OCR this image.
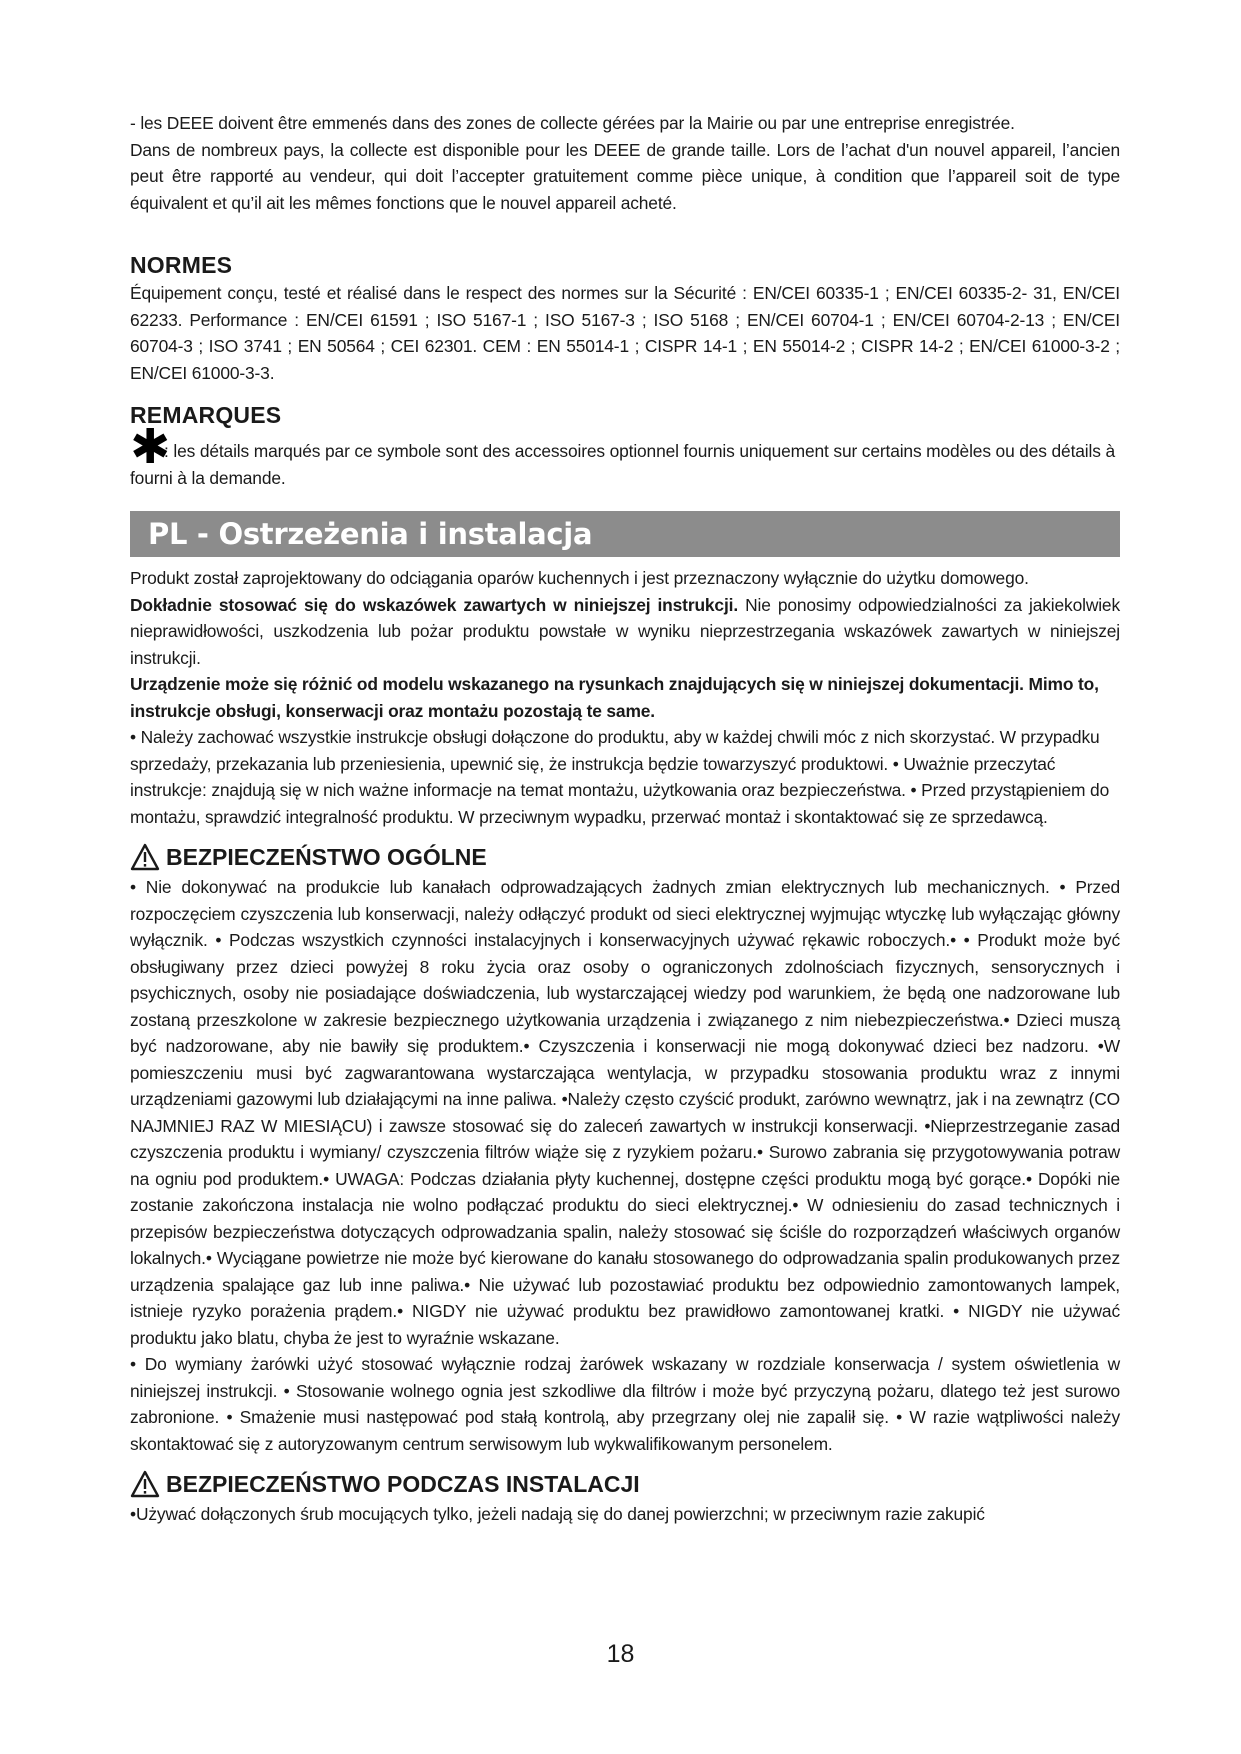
- les DEEE doivent être emmenés dans des zones de collecte gérées par la Mairie ou par une entreprise enregistrée.

Dans de nombreux pays, la collecte est disponible pour les DEEE de grande taille. Lors de l’achat d'un nouvel appareil, l’ancien peut être rapporté au vendeur, qui doit l’accepter gratuitement comme pièce unique, à condition que l’appareil soit de type équivalent et qu’il ait les mêmes fonctions que le nouvel appareil acheté.

NORMES

Équipement conçu, testé et réalisé dans le respect des normes sur la Sécurité : EN/CEI 60335-1 ; EN/CEI 60335-2- 31, EN/CEI 62233. Performance : EN/CEI 61591 ; ISO 5167-1 ; ISO 5167-3 ; ISO 5168 ; EN/CEI 60704-1 ; EN/CEI 60704-2-13 ; EN/CEI 60704-3 ; ISO 3741 ; EN 50564 ; CEI 62301. CEM : EN 55014-1 ; CISPR 14-1 ; EN 55014-2 ; CISPR 14-2 ; EN/CEI 61000-3-2 ; EN/CEI 61000-3-3.

REMARQUES
✱

: les détails marqués par ce symbole sont des accessoires optionnel fournis uniquement sur certains modèles ou des détails à fourni à la demande.

PL - Ostrzeżenia i instalacja

Produkt został zaprojektowany do odciągania oparów kuchennych i jest przeznaczony wyłącznie do użytku domowego.

Dokładnie stosować się do wskazówek zawartych w niniejszej instrukcji. Nie ponosimy odpowiedzialności za jakiekolwiek nieprawidłowości, uszkodzenia lub pożar produktu powstałe w wyniku nieprzestrzegania wskazówek zawartych w niniejszej instrukcji.

Urządzenie może się różnić od modelu wskazanego na rysunkach znajdujących się w niniejszej dokumentacji. Mimo to, instrukcje obsługi, konserwacji oraz montażu pozostają te same.

• Należy zachować wszystkie instrukcje obsługi dołączone do produktu, aby w każdej chwili móc z nich skorzystać. W przypadku sprzedaży, przekazania lub przeniesienia, upewnić się, że instrukcja będzie towarzyszyć produktowi. • Uważnie przeczytać instrukcje: znajdują się w nich ważne informacje na temat montażu, użytkowania oraz bezpieczeństwa. • Przed przystąpieniem do montażu, sprawdzić integralność produktu. W przeciwnym wypadku, przerwać montaż i skontaktować się ze sprzedawcą.

BEZPIECZEŃSTWO OGÓLNE

• Nie dokonywać na produkcie lub kanałach odprowadzających żadnych zmian elektrycznych lub mechanicznych. • Przed rozpoczęciem czyszczenia lub konserwacji, należy odłączyć produkt od sieci elektrycznej wyjmując wtyczkę lub wyłączając główny wyłącznik. • Podczas wszystkich czynności instalacyjnych i konserwacyjnych używać rękawic roboczych.• • Produkt może być obsługiwany przez dzieci powyżej 8 roku życia oraz osoby o ograniczonych zdolnościach fizycznych, sensorycznych i psychicznych, osoby nie posiadające doświadczenia, lub wystarczającej wiedzy pod warunkiem, że będą one nadzorowane lub zostaną przeszkolone w zakresie bezpiecznego użytkowania urządzenia i związanego z nim niebezpieczeństwa.• Dzieci muszą być nadzorowane, aby nie bawiły się produktem.• Czyszczenia i konserwacji nie mogą dokonywać dzieci bez nadzoru. •W pomieszczeniu musi być zagwarantowana wystarczająca wentylacja, w przypadku stosowania produktu wraz z innymi urządzeniami gazowymi lub działającymi na inne paliwa. •Należy często czyścić produkt, zarówno wewnątrz, jak i na zewnątrz (CO NAJMNIEJ RAZ W MIESIĄCU) i zawsze stosować się do zaleceń zawartych w instrukcji konserwacji. •Nieprzestrzeganie zasad czyszczenia produktu i wymiany/ czyszczenia filtrów wiąże się z ryzykiem pożaru.• Surowo zabrania się przygotowywania potraw na ogniu pod produktem.• UWAGA: Podczas działania płyty kuchennej, dostępne części produktu mogą być gorące.• Dopóki nie zostanie zakończona instalacja nie wolno podłączać produktu do sieci elektrycznej.• W odniesieniu do zasad technicznych i przepisów bezpieczeństwa dotyczących odprowadzania spalin, należy stosować się ściśle do rozporządzeń właściwych organów lokalnych.• Wyciągane powietrze nie może być kierowane do kanału stosowanego do odprowadzania spalin produkowanych przez urządzenia spalające gaz lub inne paliwa.• Nie używać lub pozostawiać produktu bez odpowiednio zamontowanych lampek, istnieje ryzyko porażenia prądem.• NIGDY nie używać produktu bez prawidłowo zamontowanej kratki. • NIGDY nie używać produktu jako blatu, chyba że jest to wyraźnie wskazane.

• Do wymiany żarówki użyć stosować wyłącznie rodzaj żarówek wskazany w rozdziale konserwacja / system oświetlenia w niniejszej instrukcji. • Stosowanie wolnego ognia jest szkodliwe dla filtrów i może być przyczyną pożaru, dlatego też jest surowo zabronione. • Smażenie musi następować pod stałą kontrolą, aby przegrzany olej nie zapalił się. • W razie wątpliwości należy skontaktować się z autoryzowanym centrum serwisowym lub wykwalifikowanym personelem.

BEZPIECZEŃSTWO PODCZAS INSTALACJI

•Używać dołączonych śrub mocujących tylko, jeżeli nadają się do danej powierzchni; w przeciwnym razie zakupić

18
